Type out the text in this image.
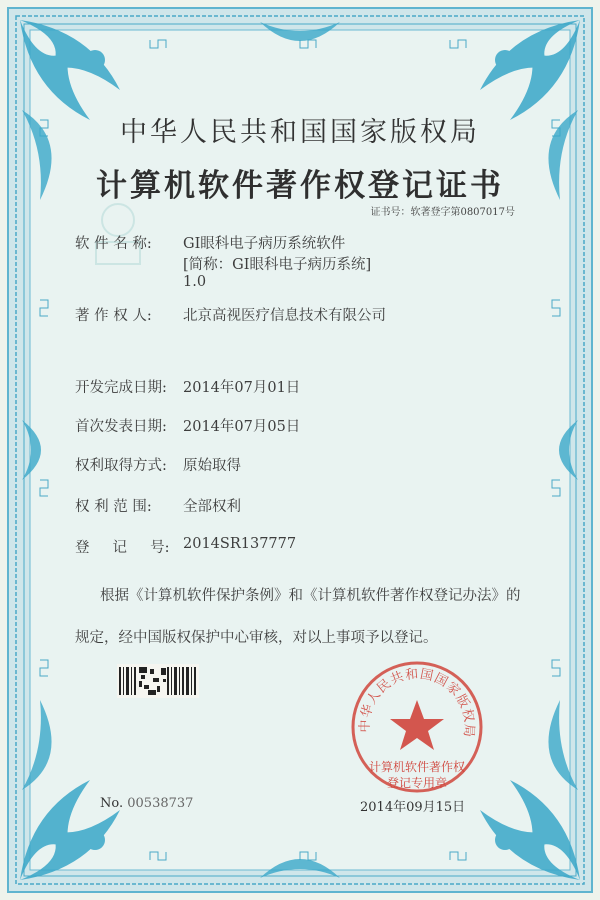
中华人民共和国国家版权局
计算机软件著作权登记证书
证书号：软著登字第0807017号
软 件 名 称: GI眼科电子病历系统软件
[简称：GI眼科电子病历系统]
1.0
著 作 权 人: 北京高视医疗信息技术有限公司
开发完成日期: 2014年07月01日
首次发表日期: 2014年07月05日
权利取得方式: 原始取得
权 利 范 围: 全部权利
登     记     号: 2014SR137777
根据《计算机软件保护条例》和《计算机软件著作权登记办法》的
规定，经中国版权保护中心审核，对以上事项予以登记。
中华人民共和国国家版权局
计算机软件著作权
登记专用章
No. 00538737	2014年09月15日
